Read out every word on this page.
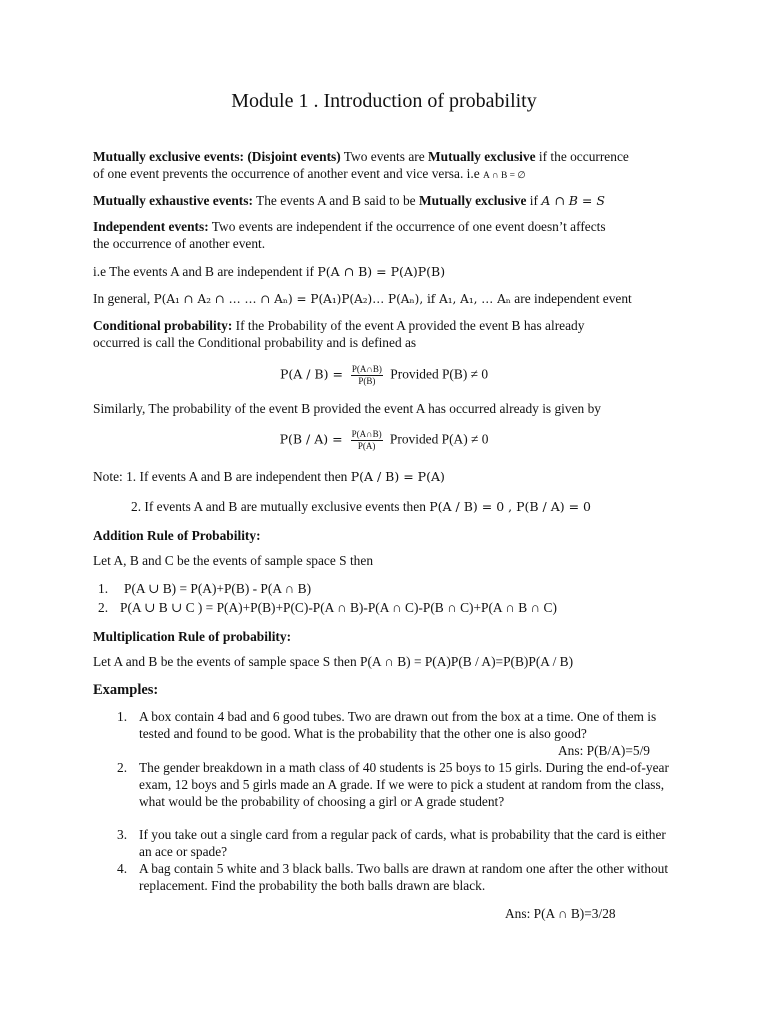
Module 1 . Introduction of probability
Mutually exclusive events: (Disjoint events) Two events are Mutually exclusive if the occurrence
of one event prevents the occurrence of another event and vice versa. i.e A ∩ B = ∅
Mutually exhaustive events: The events A and B said to be Mutually exclusive if A ∩ B = S
Independent events: Two events are independent if the occurrence of one event doesn’t affects
the occurrence of another event.
i.e The events A and B are independent if P(A ∩ B) = P(A)P(B)
In general, P(A₁ ∩ A₂ ∩ … … ∩ Aₙ) = P(A₁)P(A₂)… P(Aₙ), if A₁, A₁, … Aₙ are independent event
Conditional probability: If the Probability of the event A provided the event B has already
occurred is call the Conditional probability and is defined as
$P(A / B) = \frac{P(A\cap B)}{P(B)}$ Provided P(B) ≠ 0
Similarly, The probability of the event B provided the event A has occurred already is given by
$P(B / A) = \frac{P(A\cap B)}{P(A)}$ Provided P(A) ≠ 0
Note: 1. If events A and B are independent then P(A / B) = P(A)
2. If events A and B are mutually exclusive events then P(A / B) = 0 , P(B / A) = 0
Addition Rule of Probability:
Let A, B and C be the events of sample space S then
1. P(A ∪ B) = P(A)+P(B) - P(A ∩ B)
2. P(A ∪ B ∪ C ) = P(A)+P(B)+P(C)-P(A ∩ B)-P(A ∩ C)-P(B ∩ C)+P(A ∩ B ∩ C)
Multiplication Rule of probability:
Let A and B be the events of sample space S then P(A ∩ B) = P(A)P(B / A)=P(B)P(A / B)
Examples:
1. A box contain 4 bad and 6 good tubes. Two are drawn out from the box at a time. One of them is tested and found to be good. What is the probability that the other one is also good?
Ans: P(B/A)=5/9
2. The gender breakdown in a math class of 40 students is 25 boys to 15 girls. During the end-of-year exam, 12 boys and 5 girls made an A grade. If we were to pick a student at random from the class, what would be the probability of choosing a girl or A grade student?
3. If you take out a single card from a regular pack of cards, what is probability that the card is either an ace or spade?
4. A bag contain 5 white and 3 black balls. Two balls are drawn at random one after the other without replacement. Find the probability the both balls drawn are black.
Ans: P(A ∩ B)=3/28
